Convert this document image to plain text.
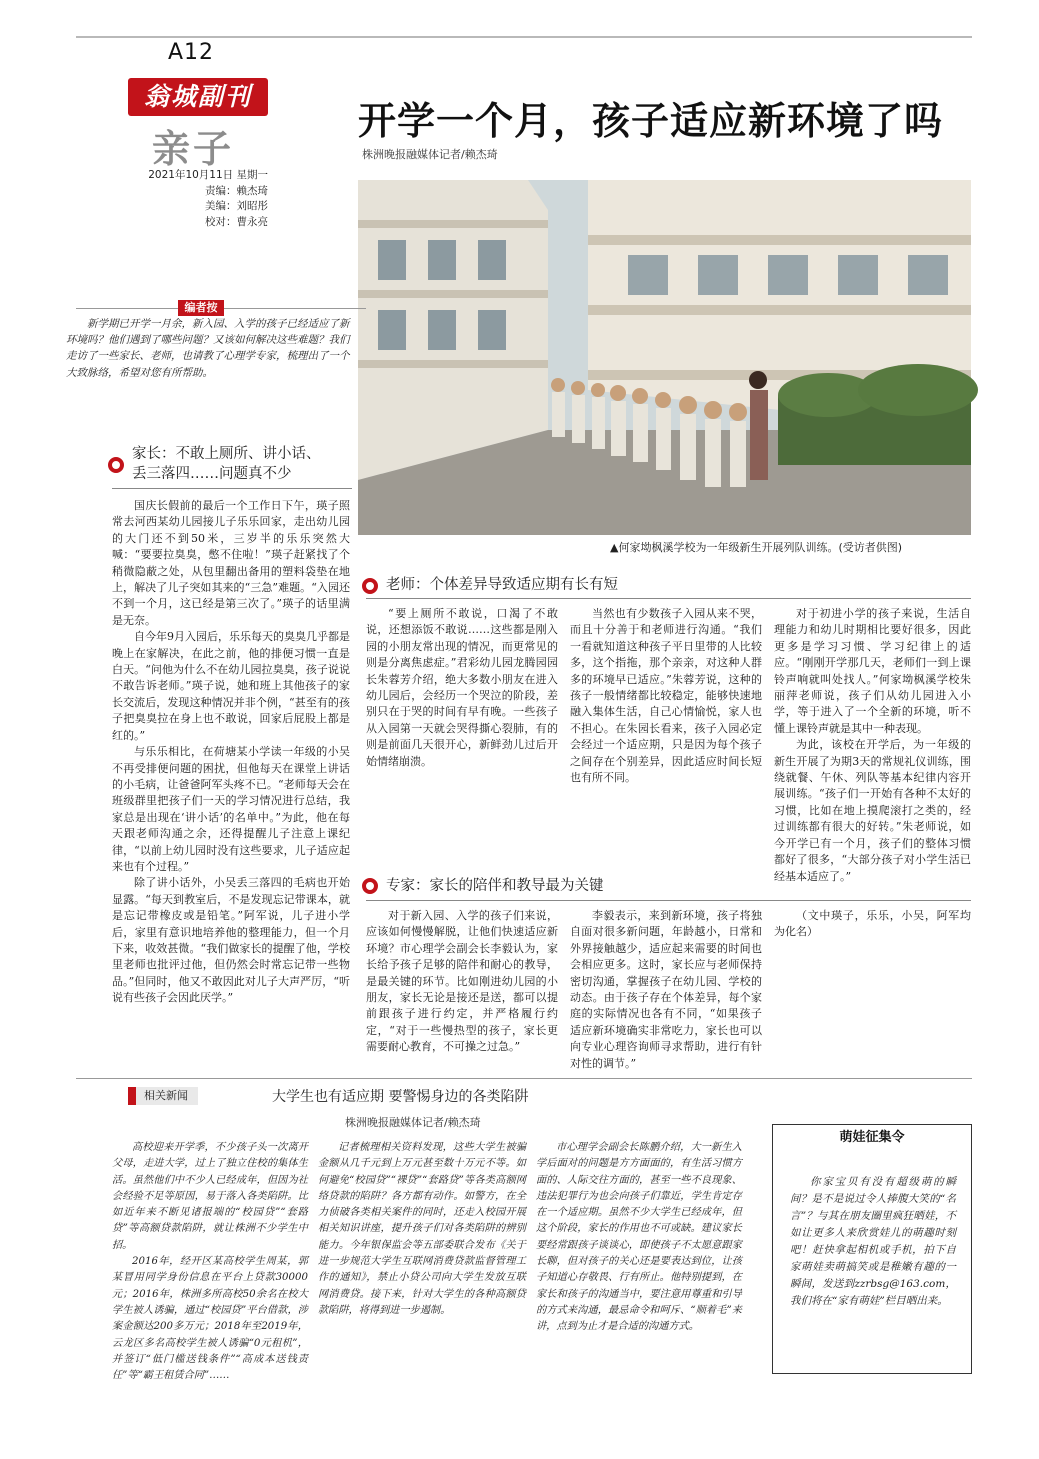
A12
翁城副刊
亲子
2021年10月11日 星期一
责编：赖杰琦
美编：刘昭彤
校对：曹永亮
开学一个月，孩子适应新环境了吗
株洲晚报融媒体记者/赖杰琦
▲何家坳枫溪学校为一年级新生开展列队训练。(受访者供图)
编者按
新学期已开学一月余，新入园、入学的孩子已经适应了新环境吗？他们遇到了哪些问题？又该如何解决这些难题？我们走访了一些家长、老师，也请教了心理学专家，梳理出了一个大致脉络，希望对您有所帮助。
家长：不敢上厕所、讲小话、
丢三落四……问题真不少

国庆长假前的最后一个工作日下午，瑛子照常去河西某幼儿园接儿子乐乐回家，走出幼儿园的大门还不到50米，三岁半的乐乐突然大喊：“要要拉臭臭，憋不住啦！”瑛子赶紧找了个稍微隐蔽之处，从包里翻出备用的塑料袋垫在地上，解决了儿子突如其来的“三急”难题。“入园还不到一个月，这已经是第三次了。”瑛子的话里满是无奈。

自今年9月入园后，乐乐每天的臭臭几乎都是晚上在家解决，在此之前，他的排便习惯一直是白天。“问他为什么不在幼儿园拉臭臭，孩子说说不敢告诉老师。”瑛子说，她和班上其他孩子的家长交流后，发现这种情况并非个例，“甚至有的孩子把臭臭拉在身上也不敢说，回家后屁股上都是红的。”

与乐乐相比，在荷塘某小学读一年级的小吴不再受排便问题的困扰，但他每天在课堂上讲话的小毛病，让爸爸阿军头疼不已。“老师每天会在班级群里把孩子们一天的学习情况进行总结，我家总是出现在‘讲小话’的名单中。”为此，他在每天跟老师沟通之余，还得提醒儿子注意上课纪律，“以前上幼儿园时没有这些要求，儿子适应起来也有个过程。”

除了讲小话外，小吴丢三落四的毛病也开始显露。“每天到教室后，不是发现忘记带课本，就是忘记带橡皮或是铅笔。”阿军说，儿子进小学后，家里有意识地培养他的整理能力，但一个月下来，收效甚微。“我们做家长的提醒了他，学校里老师也批评过他，但仍然会时常忘记带一些物品。”但同时，他又不敢因此对儿子大声严厉，“听说有些孩子会因此厌学。”

老师：个体差异导致适应期有长有短

“要上厕所不敢说，口渴了不敢说，还想添饭不敢说……这些都是刚入园的小朋友常出现的情况，而更常见的则是分离焦虑症。”君彩幼儿园龙腾园园长朱蓉芳介绍，绝大多数小朋友在进入幼儿园后，会经历一个哭泣的阶段，差别只在于哭的时间有早有晚。一些孩子从入园第一天就会哭得撕心裂肺，有的则是前面几天很开心，新鲜劲儿过后开始情绪崩溃。

当然也有少数孩子入园从来不哭，而且十分善于和老师进行沟通。“我们一看就知道这种孩子平日里带的人比较多，这个指拖，那个亲亲，对这种人群多的环境早已适应。”朱蓉芳说，这种的孩子一般情绪都比较稳定，能够快速地融入集体生活，自己心情愉悦，家人也不担心。在朱园长看来，孩子入园必定会经过一个适应期，只是因为每个孩子之间存在个别差异，因此适应时间长短也有所不同。

对于初进小学的孩子来说，生活自理能力和幼儿时期相比要好很多，因此更多是学习习惯、学习纪律上的适应。“刚刚开学那几天，老师们一到上课铃声响就叫处找人。”何家坳枫溪学校朱丽萍老师说，孩子们从幼儿园进入小学，等于进入了一个全新的环境，听不懂上课铃声就是其中一种表现。

为此，该校在开学后，为一年级的新生开展了为期3天的常规礼仪训练，围绕就餐、午休、列队等基本纪律内容开展训练。“孩子们一开始有各种不太好的习惯，比如在地上摸爬滚打之类的，经过训练都有很大的好转。”朱老师说，如今开学已有一个月，孩子们的整体习惯都好了很多，“大部分孩子对小学生活已经基本适应了。”

专家：家长的陪伴和教导最为关键

对于新入园、入学的孩子们来说，应该如何慢慢解脱，让他们快速适应新环境？市心理学会副会长李毅认为，家长给予孩子足够的陪伴和耐心的教导，是最关键的环节。比如刚进幼儿园的小朋友，家长无论是接还是送，都可以提前跟孩子进行约定，并严格履行约定，“对于一些慢热型的孩子，家长更需要耐心教育，不可操之过急。”

李毅表示，来到新环境，孩子将独自面对很多新问题，年龄越小，日常和外界接触越少，适应起来需要的时间也会相应更多。这时，家长应与老师保持密切沟通，掌握孩子在幼儿园、学校的动态。由于孩子存在个体差异，每个家庭的实际情况也各有不同，“如果孩子适应新环境确实非常吃力，家长也可以向专业心理咨询师寻求帮助，进行有针对性的调节。”

（文中瑛子，乐乐，小吴，阿军均为化名）

相关新闻	大学生也有适应期 要警惕身边的各类陷阱
株洲晚报融媒体记者/赖杰琦

高校迎来开学季，不少孩子头一次离开父母，走进大学，过上了独立住校的集体生活。虽然他们中不少人已经成年，但因为社会经验不足等原因，易于落入各类陷阱。比如近年来不断见诸报端的“校园贷”“套路贷”等高额贷款陷阱，就让株洲不少学生中招。

2016年，经开区某高校学生周某，郭某冒用同学身份信息在平台上贷款30000元；2016年，株洲多所高校50余名在校大学生被人诱骗，通过“校园贷”平台借款，涉案金额达200多万元；2018年至2019年，云龙区多名高校学生被人诱骗“0元租机”，并签订“低门槛送钱条件”“高成本送钱责任”等“霸王租赁合同”……

记者梳理相关资料发现，这些大学生被骗金额从几千元到上万元甚至数十万元不等。如何避免“校园贷”“裸贷”“套路贷”等各类高额网络贷款的陷阱？各方都有动作。如警方，在全力侦破各类相关案件的同时，还走入校园开展相关知识讲座，提升孩子们对各类陷阱的辨别能力。今年银保监会等五部委联合发布《关于进一步规范大学生互联网消费贷款监督管理工作的通知》，禁止小贷公司向大学生发放互联网消费贷。接下来，针对大学生的各种高额贷款陷阱，将得到进一步遏制。

市心理学会副会长陈鹏介绍，大一新生入学后面对的问题是方方面面的，有生活习惯方面的、人际交往方面的，甚至一些不良现象、违法犯罪行为也会向孩子们靠近，学生肯定存在一个适应期。虽然不少大学生已经成年，但这个阶段，家长的作用也不可或缺。建议家长要经常跟孩子谈谈心，即使孩子不太愿意跟家长聊，但对孩子的关心还是要表达到位，让孩子知道心存敬畏、行有所止。他特别提到，在家长和孩子的沟通当中，要注意用尊重和引导的方式来沟通，最忌命令和呵斥、“顺着毛”来讲，点到为止才是合适的沟通方式。

萌娃征集令
你家宝贝有没有超级萌的瞬间？是不是说过令人捧腹大笑的“名言”？与其在朋友圈里疯狂晒娃，不如让更多人来欣赏娃儿的萌趣时刻吧！赶快拿起相机或手机，拍下自家萌娃卖萌搞笑或是稚嫩有趣的一瞬间，发送到zzrbsg@163.com，我们将在“家有萌娃”栏目晒出来。
